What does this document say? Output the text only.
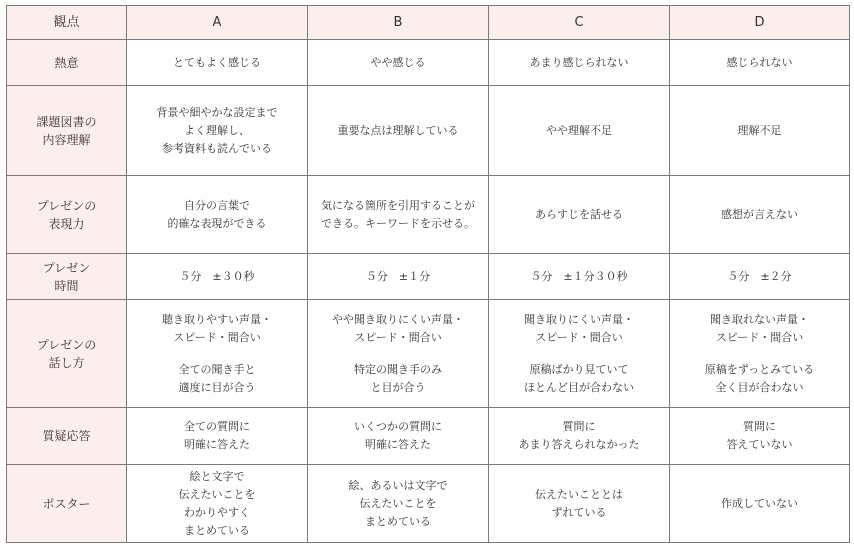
観点	A	B	C	D

熱意	とてもよく感じる	やや感じる	あまり感じられない	感じられない

課題図書の
内容理解	背景や細やかな設定まで
よく理解し、
参考資料も読んでいる	重要な点は理解している	やや理解不足	理解不足

プレゼンの
表現力	自分の言葉で
的確な表現ができる	気になる箇所を引用することが
できる。キーワードを示せる。	あらすじを話せる	感想が言えない

プレゼン
時間	５分　±３０秒	５分　±１分	５分　±１分３０秒	５分　±２分

プレゼンの
話し方	聴き取りやすい声量・
スピード・間合い
全ての聞き手と
適度に目が合う	やや聞き取りにくい声量・
スピード・間合い
特定の聞き手のみ
と目が合う	聞き取りにくい声量・
スピード・間合い
原稿ばかり見ていて
ほとんど目が合わない	聞き取れない声量・
スピード・間合い
原稿をずっとみている
全く目が合わない

質疑応答	全ての質問に
明確に答えた	いくつかの質問に
明確に答えた	質問に
あまり答えられなかった	質問に
答えていない

ポスター	絵と文字で
伝えたいことを
わかりやすく
まとめている	絵、あるいは文字で
伝えたいことを
まとめている	伝えたいこととは
ずれている	作成していない
